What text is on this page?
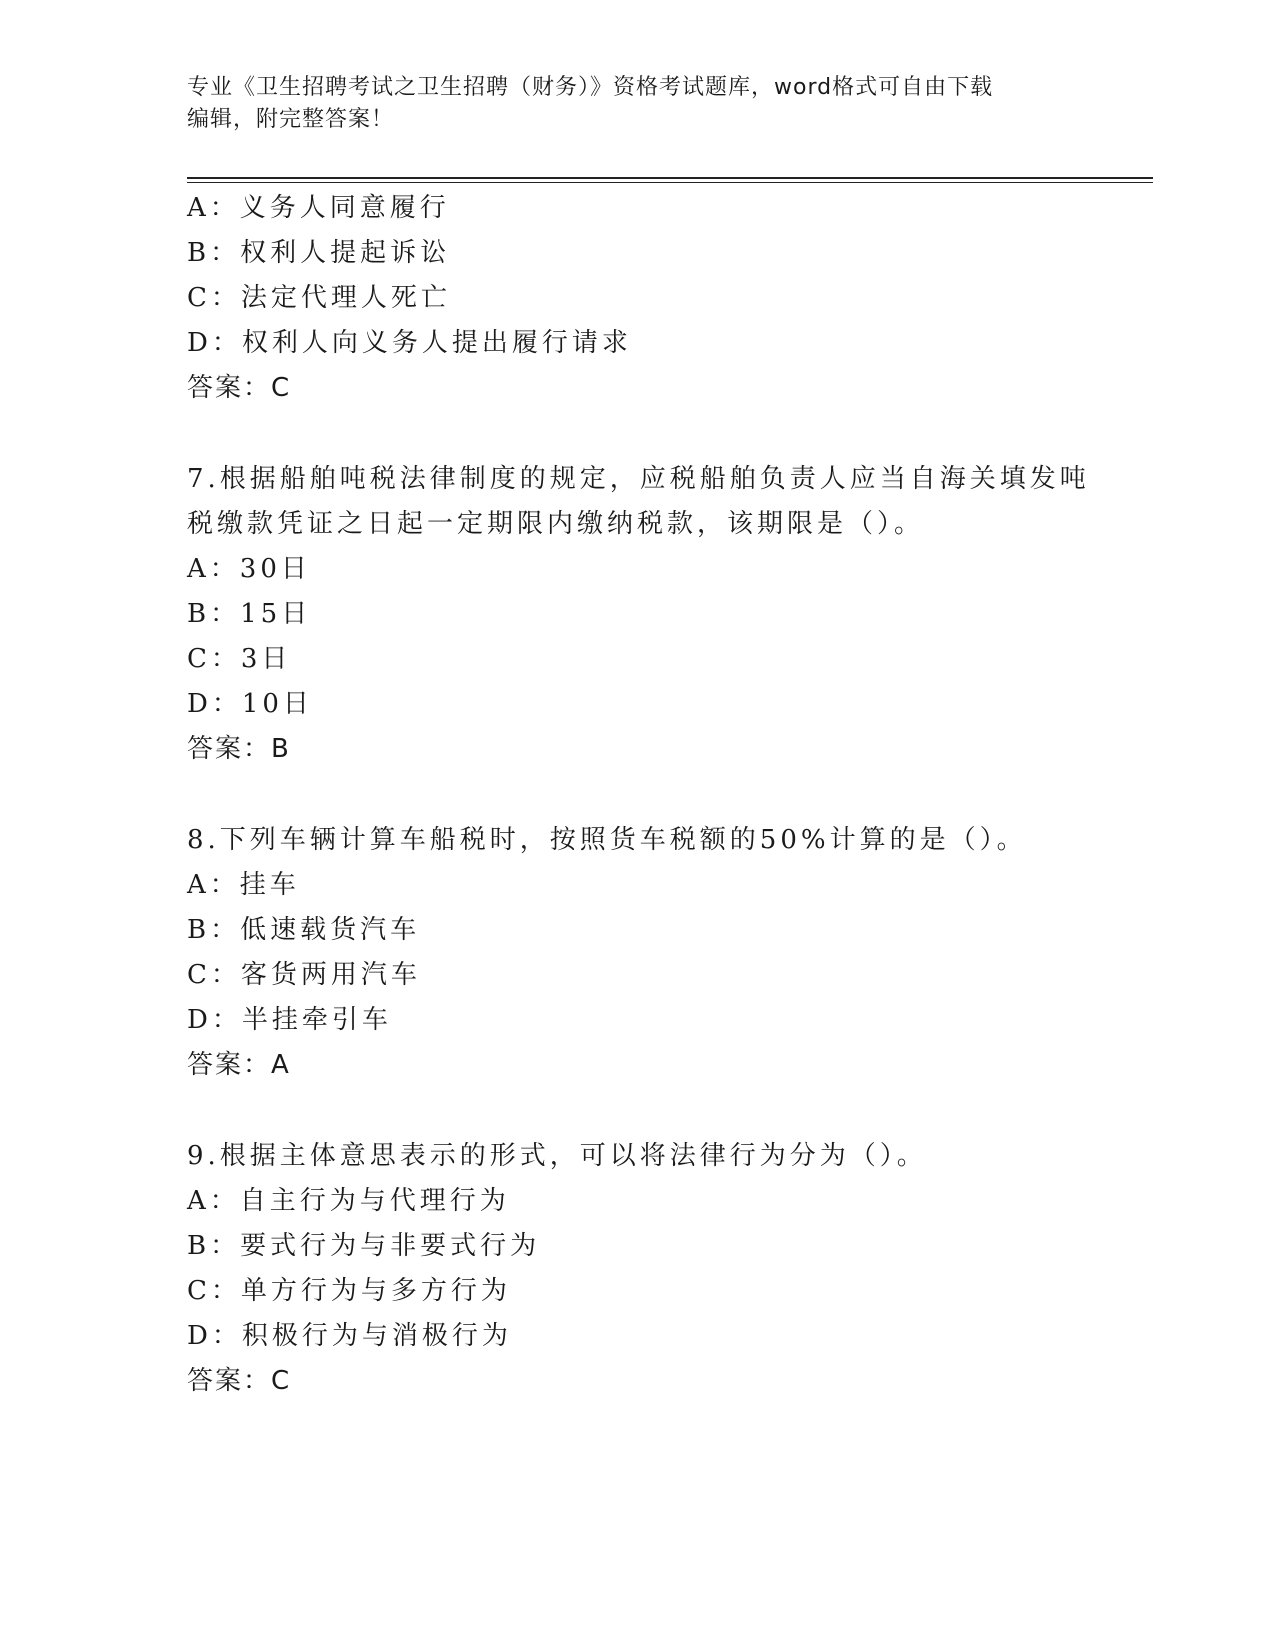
专业《卫生招聘考试之卫生招聘（财务）》资格考试题库，word格式可自由下载
编辑，附完整答案！
A：义务人同意履行
B：权利人提起诉讼
C：法定代理人死亡
D：权利人向义务人提出履行请求
答案：C
7.根据船舶吨税法律制度的规定，应税船舶负责人应当自海关填发吨
税缴款凭证之日起一定期限内缴纳税款，该期限是（）。
A：30日
B：15日
C：3日
D：10日
答案：B
8.下列车辆计算车船税时，按照货车税额的50%计算的是（）。
A：挂车
B：低速载货汽车
C：客货两用汽车
D：半挂牵引车
答案：A
9.根据主体意思表示的形式，可以将法律行为分为（）。
A：自主行为与代理行为
B：要式行为与非要式行为
C：单方行为与多方行为
D：积极行为与消极行为
答案：C
